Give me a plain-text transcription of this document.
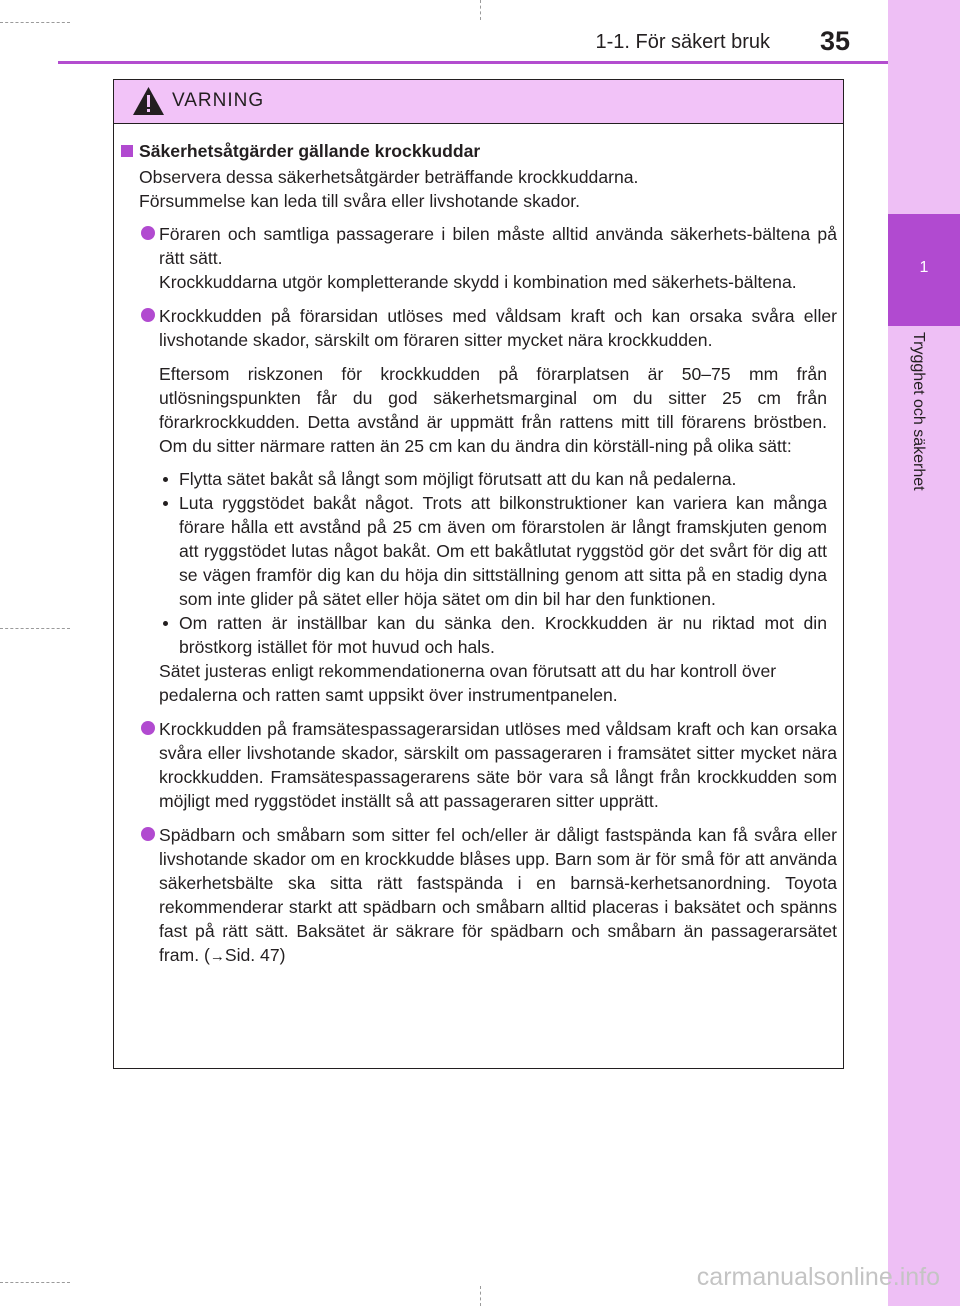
1
Trygghet och säkerhet
1-1. För säkert bruk	35
VARNING
Säkerhetsåtgärder gällande krockkuddar
Observera dessa säkerhetsåtgärder beträffande krockkuddarna.
Försummelse kan leda till svåra eller livshotande skador.
Föraren och samtliga passagerare i bilen måste alltid använda säkerhets-bältena på rätt sätt.
Krockkuddarna utgör kompletterande skydd i kombination med säkerhets-bältena.
Krockkudden på förarsidan utlöses med våldsam kraft och kan orsaka svåra eller livshotande skador, särskilt om föraren sitter mycket nära krockkudden.
Eftersom riskzonen för krockkudden på förarplatsen är 50–75 mm från utlösningspunkten får du god säkerhetsmarginal om du sitter 25 cm från förarkrockkudden. Detta avstånd är uppmätt från rattens mitt till förarens bröstben. Om du sitter närmare ratten än 25 cm kan du ändra din körställ-ning på olika sätt:
Flytta sätet bakåt så långt som möjligt förutsatt att du kan nå pedalerna.
Luta ryggstödet bakåt något. Trots att bilkonstruktioner kan variera kan många förare hålla ett avstånd på 25 cm även om förarstolen är långt framskjuten genom att ryggstödet lutas något bakåt. Om ett bakåtlutat ryggstöd gör det svårt för dig att se vägen framför dig kan du höja din sittställning genom att sitta på en stadig dyna som inte glider på sätet eller höja sätet om din bil har den funktionen.
Om ratten är inställbar kan du sänka den. Krockkudden är nu riktad mot din bröstkorg istället för mot huvud och hals.
Sätet justeras enligt rekommendationerna ovan förutsatt att du har kontroll över pedalerna och ratten samt uppsikt över instrumentpanelen.
Krockkudden på framsätespassagerarsidan utlöses med våldsam kraft och kan orsaka svåra eller livshotande skador, särskilt om passageraren i framsätet sitter mycket nära krockkudden. Framsätespassagerarens säte bör vara så långt från krockkudden som möjligt med ryggstödet inställt så att passageraren sitter upprätt.
Spädbarn och småbarn som sitter fel och/eller är dåligt fastspända kan få svåra eller livshotande skador om en krockkudde blåses upp. Barn som är för små för att använda säkerhetsbälte ska sitta rätt fastspända i en barnsä-kerhetsanordning. Toyota rekommenderar starkt att spädbarn och småbarn alltid placeras i baksätet och spänns fast på rätt sätt. Baksätet är säkrare för spädbarn och småbarn än passagerarsätet fram. (→Sid. 47)
carmanualsonline.info
